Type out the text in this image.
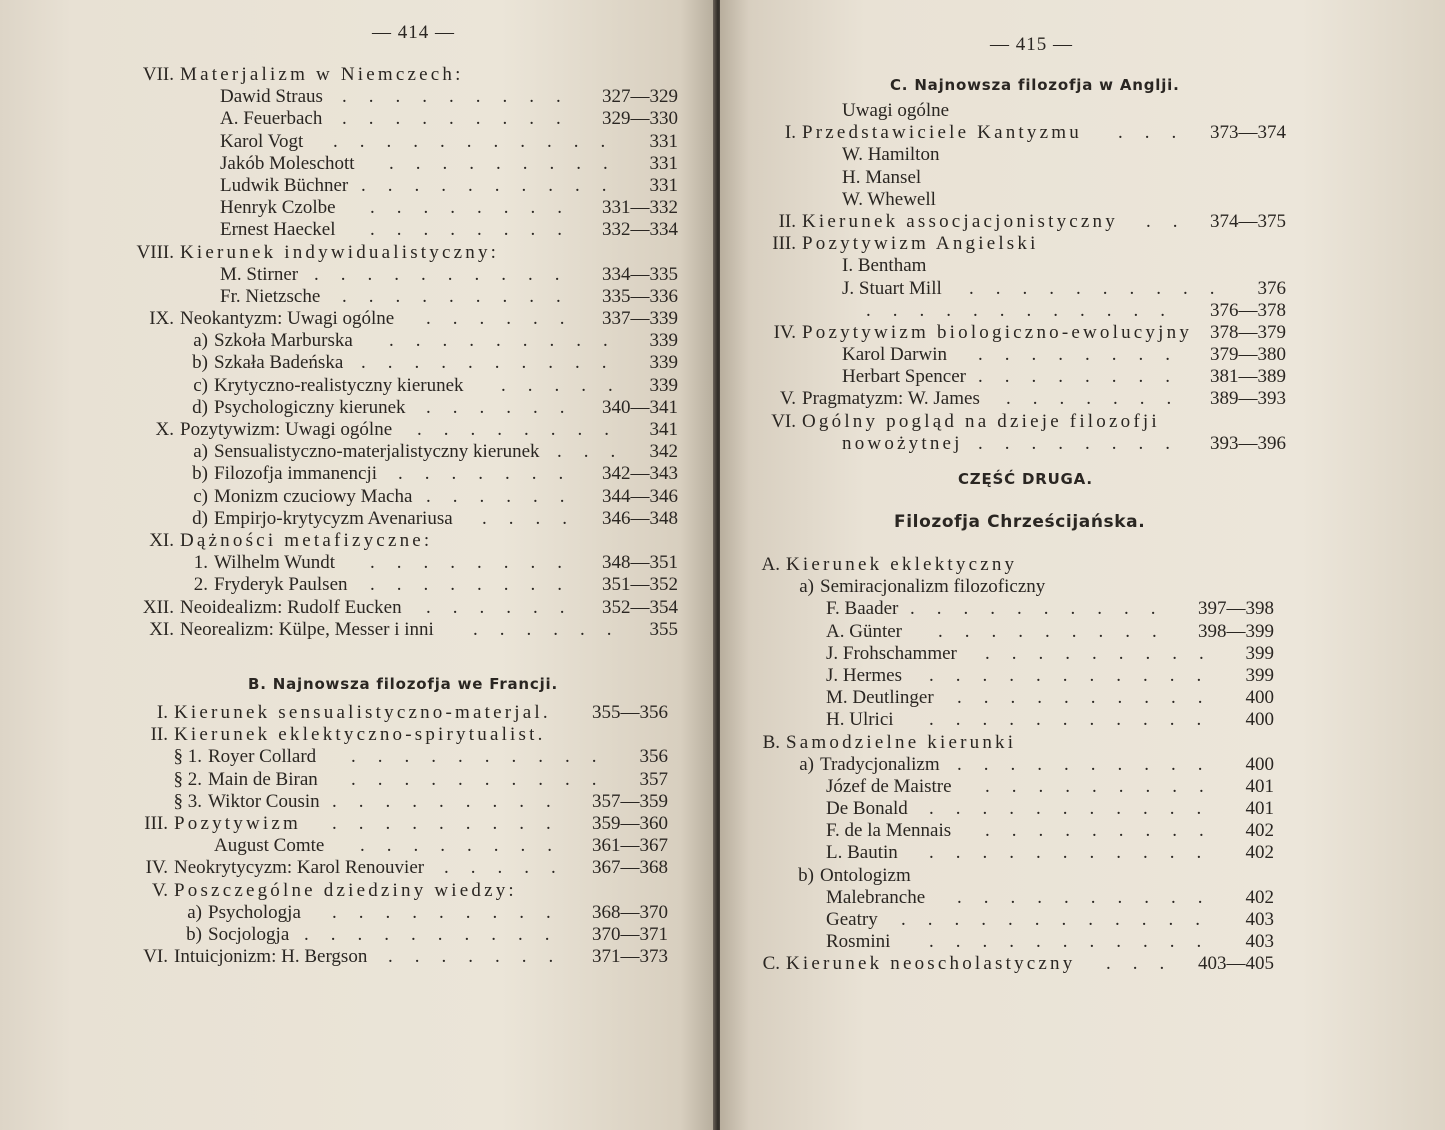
— 414 —
VII. Materjalizm w Niemczech:
Dawid Straus	327—329
.........
A. Feuerbach	329—330
.........
Karol Vogt	331
...........
Jakób Moleschott	331
.........
Ludwik Büchner	331
..........
Henryk Czolbe	331—332
........
Ernest Haeckel	332—334
........
VIII. Kierunek indywidualistyczny:
M. Stirner	334—335
..........
Fr. Nietzsche	335—336
.........
IX. Neokantyzm: Uwagi ogólne	337—339
......
a) Szkoła Marburska	339
.........
b) Szkała Badeńska	339
..........
c) Krytyczno-realistyczny kierunek	339
.....
d) Psychologiczny kierunek	340—341
......
X. Pozytywizm: Uwagi ogólne	341
........
a) Sensualistyczno-materjalistyczny kierunek	342
...
b) Filozofja immanencji	342—343
.......
c) Monizm czuciowy Macha	344—346
......
d) Empirjo-krytycyzm Avenariusa	346—348
....
XI. Dążności metafizyczne:
1. Wilhelm Wundt	348—351
........
2. Fryderyk Paulsen	351—352
........
XII. Neoidealizm: Rudolf Eucken	352—354
......
XI. Neorealizm: Külpe, Messer i inni	355
......
B. Najnowsza filozofja we Francji.
I. Kierunek sensualistyczno-materjal. 355—356
II. Kierunek eklektyczno-spirytualist.
§ 1. Royer Collard	356
..........
§ 2. Main de Biran	357
..........
§ 3. Wiktor Cousin	357—359
.........
III. Pozytywizm	359—360
.........
August Comte	361—367
........
IV. Neokrytycyzm: Karol Renouvier	367—368
.....
V. Poszczególne dziedziny wiedzy:
a) Psychologja	368—370
.........
b) Socjologja	370—371
..........
VI. Intuicjonizm: H. Bergson	371—373
.......
— 415 —
C. Najnowsza filozofja w Anglji.
Uwagi ogólne
I. Przedstawiciele Kantyzmu	373—374
...
W. Hamilton
H. Mansel
W. Whewell
II. Kierunek assocjacjonistyczny	374—375
..
III. Pozytywizm Angielski
I. Bentham
J. Stuart Mill	376
..........
376—378
............
IV. Pozytywizm biologiczno-ewolucyjny 378—379
Karol Darwin	379—380
........
Herbart Spencer	381—389
........
V. Pragmatyzm: W. James	389—393
.......
VI. Ogólny pogląd na dzieje filozofji
nowożytnej	393—396
........
CZĘŚĆ DRUGA.
Filozofja Chrześcijańska.
A. Kierunek eklektyczny
a) Semiracjonalizm filozoficzny
F. Baader	397—398
..........
A. Günter	398—399
.........
J. Frohschammer	399
.........
J. Hermes	399
...........
M. Deutlinger	400
..........
H. Ulrici	400
...........
B. Samodzielne kierunki
a) Tradycjonalizm	400
..........
Józef de Maistre	401
.........
De Bonald	401
...........
F. de la Mennais	402
.........
L. Bautin	402
...........
b) Ontologizm
Malebranche	402
..........
Geatry	403
............
Rosmini	403
...........
C. Kierunek neoscholastyczny	403—405
...
